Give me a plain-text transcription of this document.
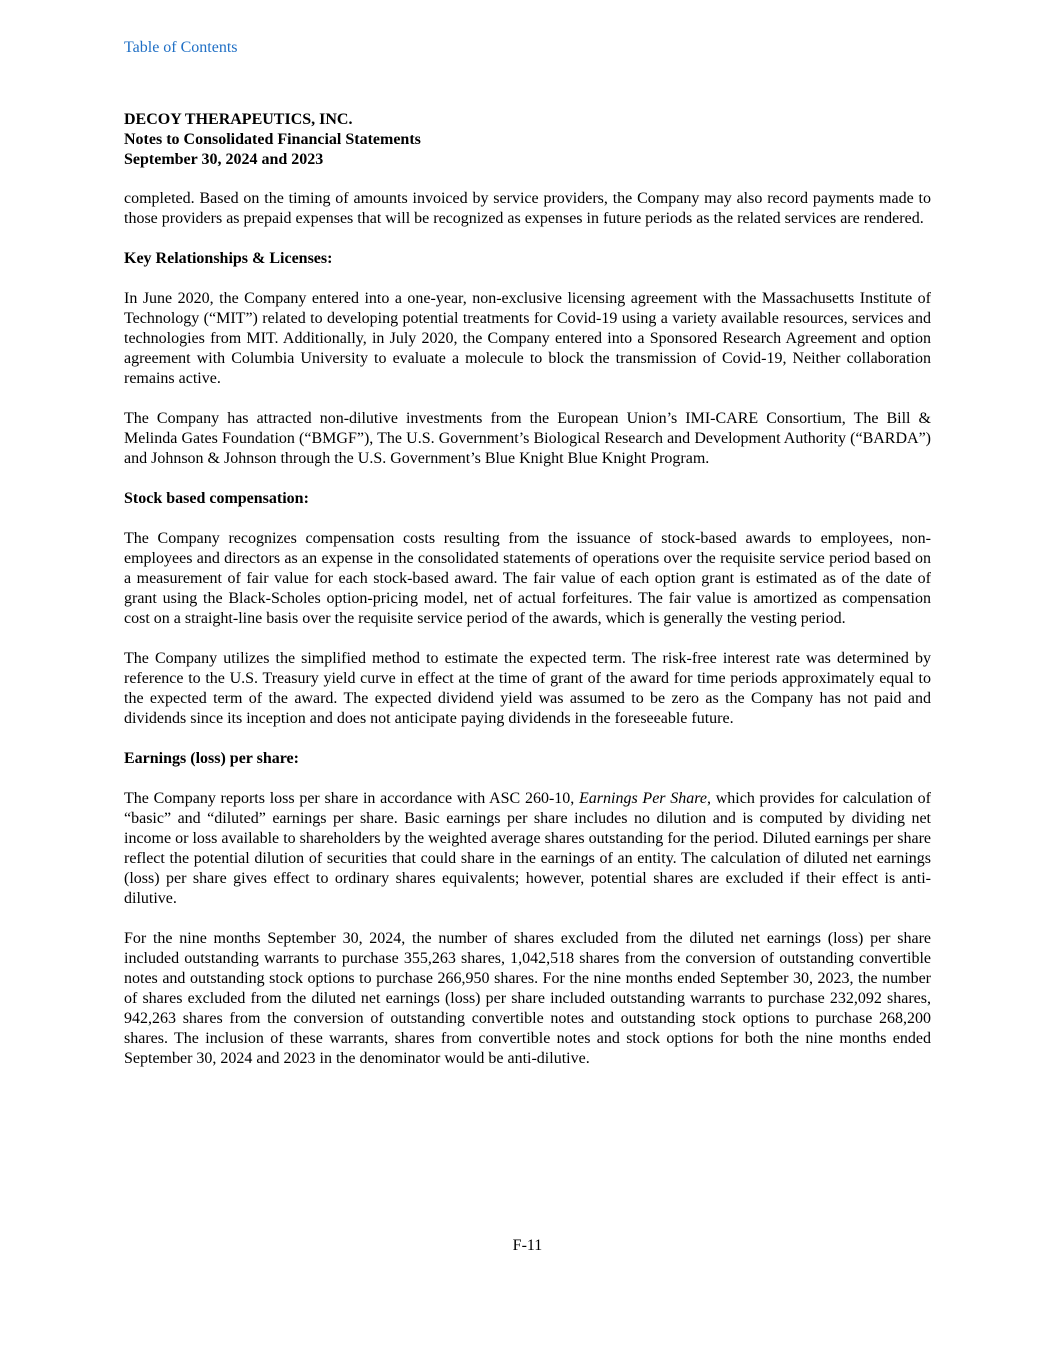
Table of Contents
DECOY THERAPEUTICS, INC.
Notes to Consolidated Financial Statements
September 30, 2024 and 2023

completed. Based on the timing of amounts invoiced by service providers, the Company may also record payments made to those providers as prepaid expenses that will be recognized as expenses in future periods as the related services are rendered.

Key Relationships & Licenses:

In June 2020, the Company entered into a one-year, non-exclusive licensing agreement with the Massachusetts Institute of Technology (“MIT”) related to developing potential treatments for Covid-19 using a variety available resources, services and technologies from MIT. Additionally, in July 2020, the Company entered into a Sponsored Research Agreement and option agreement with Columbia University to evaluate a molecule to block the transmission of Covid-19, Neither collaboration remains active.

The Company has attracted non-dilutive investments from the European Union’s IMI-CARE Consortium, The Bill & Melinda Gates Foundation (“BMGF”), The U.S. Government’s Biological Research and Development Authority (“BARDA”) and Johnson & Johnson through the U.S. Government’s Blue Knight Blue Knight Program.

Stock based compensation:

The Company recognizes compensation costs resulting from the issuance of stock-based awards to employees, non-employees and directors as an expense in the consolidated statements of operations over the requisite service period based on a measurement of fair value for each stock-based award. The fair value of each option grant is estimated as of the date of grant using the Black-Scholes option-pricing model, net of actual forfeitures. The fair value is amortized as compensation cost on a straight-line basis over the requisite service period of the awards, which is generally the vesting period.

The Company utilizes the simplified method to estimate the expected term. The risk-free interest rate was determined by reference to the U.S. Treasury yield curve in effect at the time of grant of the award for time periods approximately equal to the expected term of the award. The expected dividend yield was assumed to be zero as the Company has not paid and dividends since its inception and does not anticipate paying dividends in the foreseeable future.

Earnings (loss) per share:

The Company reports loss per share in accordance with ASC 260-10, Earnings Per Share, which provides for calculation of “basic” and “diluted” earnings per share. Basic earnings per share includes no dilution and is computed by dividing net income or loss available to shareholders by the weighted average shares outstanding for the period. Diluted earnings per share reflect the potential dilution of securities that could share in the earnings of an entity. The calculation of diluted net earnings (loss) per share gives effect to ordinary shares equivalents; however, potential shares are excluded if their effect is anti-dilutive.

For the nine months September 30, 2024, the number of shares excluded from the diluted net earnings (loss) per share included outstanding warrants to purchase 355,263 shares, 1,042,518 shares from the conversion of outstanding convertible notes and outstanding stock options to purchase 266,950 shares. For the nine months ended September 30, 2023, the number of shares excluded from the diluted net earnings (loss) per share included outstanding warrants to purchase 232,092 shares, 942,263 shares from the conversion of outstanding convertible notes and outstanding stock options to purchase 268,200 shares. The inclusion of these warrants, shares from convertible notes and stock options for both the nine months ended September 30, 2024 and 2023 in the denominator would be anti-dilutive.

F-11
